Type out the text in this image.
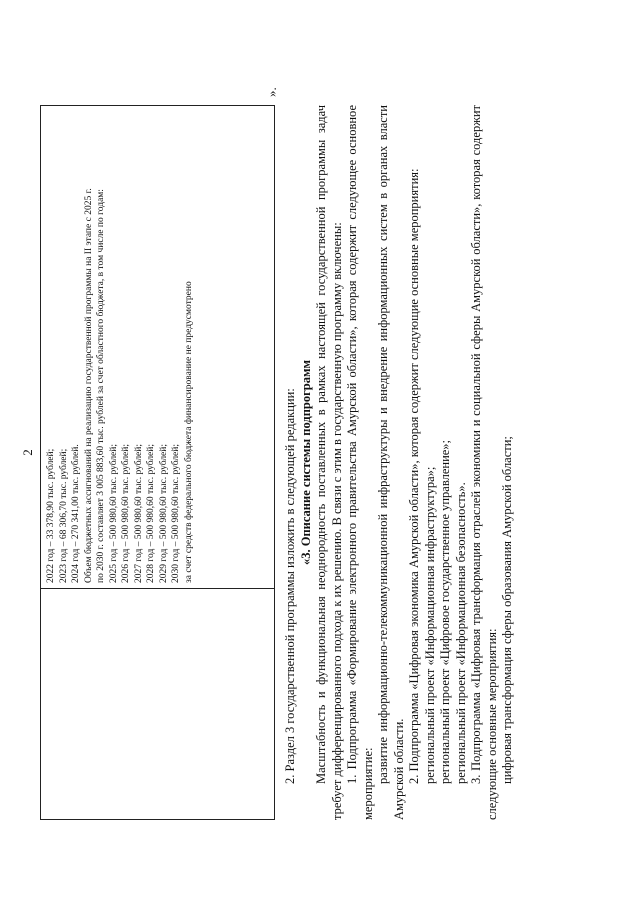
2 2022 год – 33 378,90 тыс. рублей; 2023 год – 68 306,70 тыс. рублей; 2024 год – 270 341,00 тыс. рублей. Объем бюджетных ассигнований на реализацию государственной программы на II этапе с 2025 г. по 2030 г. составляет 3 005 883,60 тыс. рублей за счет областного бюджета, в том числе по годам: 2025 год – 500 980,60 тыс. рублей; 2026 год – 500 980,60 тыс. рублей; 2027 год – 500 980,60 тыс. рублей; 2028 год – 500 980,60 тыс. рублей; 2029 год – 500 980,60 тыс. рублей; 2030 год – 500 980,60 тыс. рублей; за счет средств федерального бюджета финансирование не предусмотрено
».

2. Раздел 3 государственной программы изложить в следующей редакции: «3. Описание системы подпрограмм Масштабность и функциональная неоднородность поставленных в рамках настоящей государственной программы задач требует дифференцированного подхода к их решению. В связи с этим в государственную программу включены: 1. Подпрограмма «Формирование электронного правительства Амурской области», которая содержит следующее основное мероприятие: развитие информационно-телекоммуникационной инфраструктуры и внедрение информационных систем в органах власти Амурской области. 2. Подпрограмма «Цифровая экономика Амурской области», которая содержит следующие основные мероприятия: региональный проект «Информационная инфраструктура»; региональный проект «Цифровое государственное управление»; региональный проект «Информационная безопасность». 3. Подпрограмма «Цифровая трансформация отраслей экономики и социальной сферы Амурской области», которая содержит следующие основные мероприятия: цифровая трансформация сферы образования Амурской области;
